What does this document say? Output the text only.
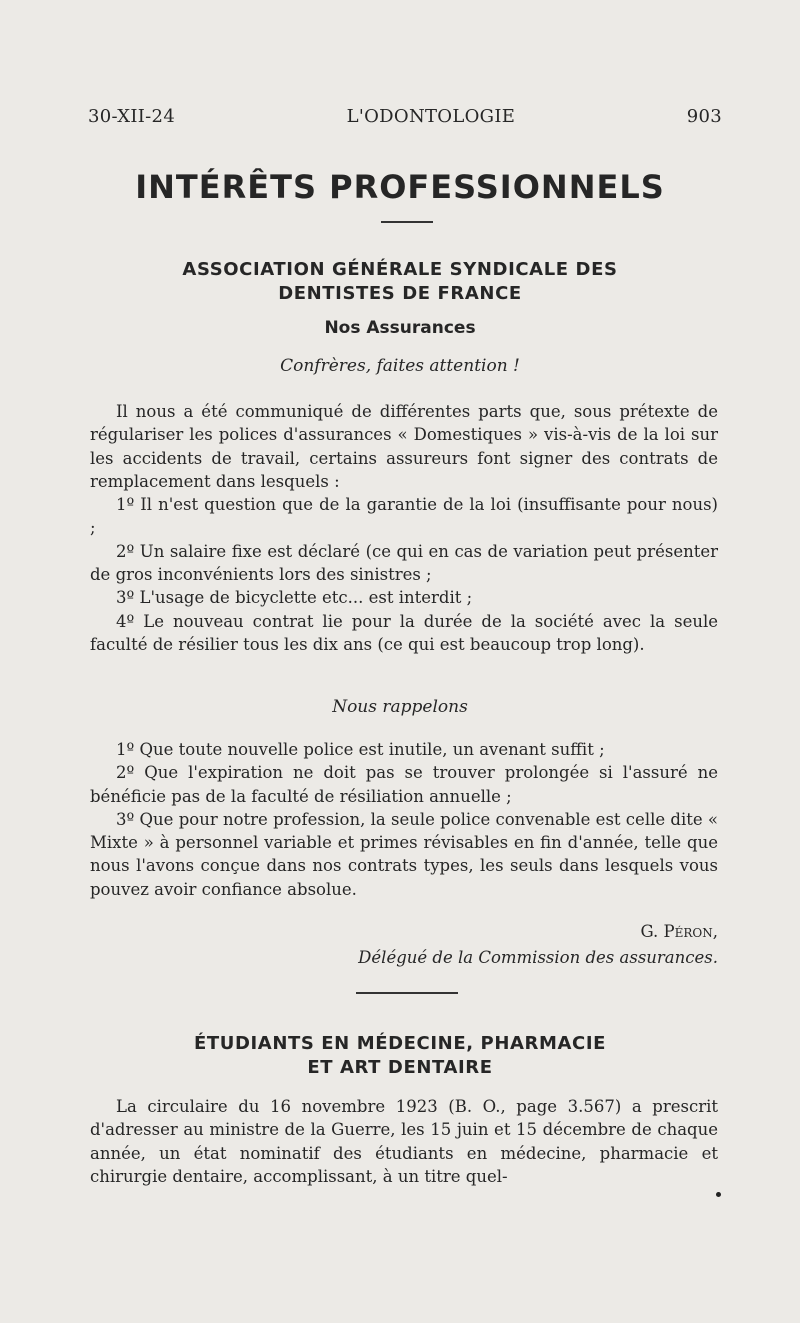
30-XII-24	L'ODONTOLOGIE	903
INTÉRÊTS PROFESSIONNELS
ASSOCIATION GÉNÉRALE SYNDICALE DES
DENTISTES DE FRANCE
Nos Assurances
Confrères, faites attention !

Il nous a été communiqué de différentes parts que, sous prétexte de régulariser les polices d'assurances « Domestiques » vis-à-vis de la loi sur les accidents de travail, certains assureurs font signer des contrats de remplacement dans lesquels :

1º Il n'est question que de la garantie de la loi (insuffisante pour nous) ;

2º Un salaire fixe est déclaré (ce qui en cas de variation peut présenter de gros inconvénients lors des sinistres ;

3º L'usage de bicyclette etc... est interdit ;

4º Le nouveau contrat lie pour la durée de la société avec la seule faculté de résilier tous les dix ans (ce qui est beaucoup trop long).

Nous rappelons

1º Que toute nouvelle police est inutile, un avenant suffit ;

2º Que l'expiration ne doit pas se trouver prolongée si l'assuré ne bénéficie pas de la faculté de résiliation annuelle ;

3º Que pour notre profession, la seule police convenable est celle dite « Mixte » à personnel variable et primes révisables en fin d'année, telle que nous l'avons conçue dans nos contrats types, les seuls dans lesquels vous pouvez avoir confiance absolue.

G. Péron,
Délégué de la Commission des assurances.
ÉTUDIANTS EN MÉDECINE, PHARMACIE
ET ART DENTAIRE

La circulaire du 16 novembre 1923 (B. O., page 3.567) a prescrit d'adresser au ministre de la Guerre, les 15 juin et 15 décembre de chaque année, un état nominatif des étudiants en médecine, pharmacie et chirurgie dentaire, accomplissant, à un titre quel-
